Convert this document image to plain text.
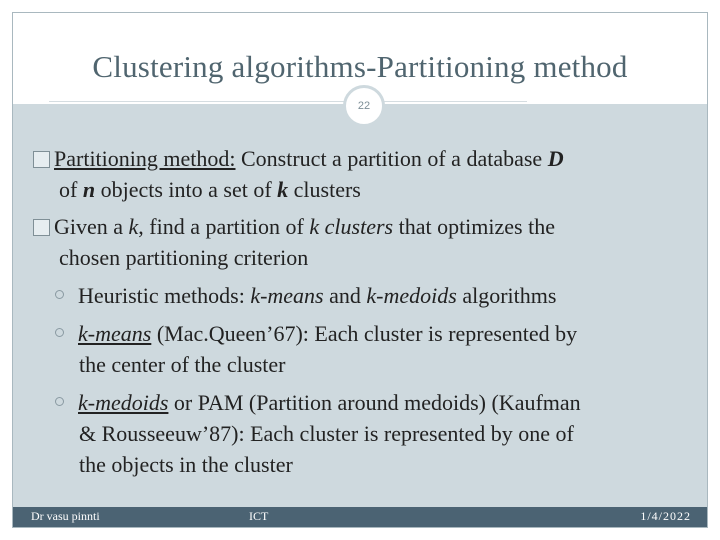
Clustering algorithms-Partitioning method
22
Partitioning method: Construct a partition of a database D
of n objects into a set of k clusters
Given a k, find a partition of k clusters that optimizes the
chosen partitioning criterion
Heuristic methods: k-means and k-medoids algorithms
k-means (Mac.Queen’67): Each cluster is represented by
the center of the cluster
k-medoids or PAM (Partition around medoids) (Kaufman
& Rousseeuw’87): Each cluster is represented by one of
the objects in the cluster
Dr vasu pinnti	ICT	1/4/2022
